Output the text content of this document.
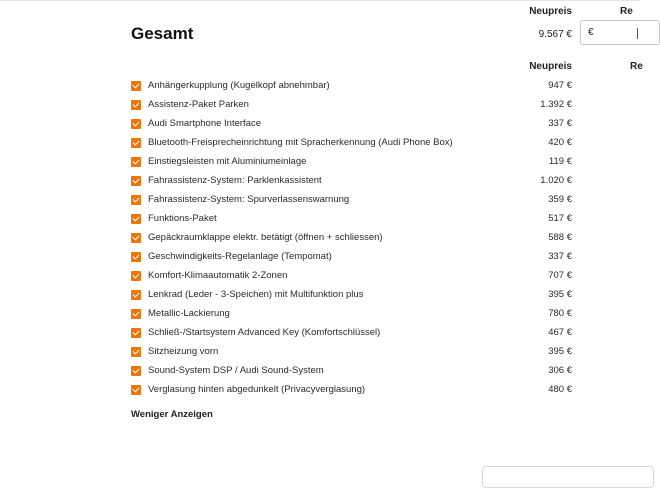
Neupreis	Re
Gesamt	9.567 € €
Neupreis	Re
Anhängerkupplung (Kugelkopf abnehmbar)	947 €
Assistenz-Paket Parken	1.392 €
Audi Smartphone Interface	337 €
Bluetooth-Freisprecheinrichtung mit Spracherkennung (Audi Phone Box)	420 €
Einstiegsleisten mit Aluminiumeinlage	119 €
Fahrassistenz-System: Parklenkassistent	1.020 €
Fahrassistenz-System: Spurverlassenswarnung	359 €
Funktions-Paket	517 €
Gepäckraumklappe elektr. betätigt (öffnen + schliessen)	588 €
Geschwindigkeits-Regelanlage (Tempomat)	337 €
Komfort-Klimaautomatik 2-Zonen	707 €
Lenkrad (Leder - 3-Speichen) mit Multifunktion plus	395 €
Metallic-Lackierung	780 €
Schließ-/Startsystem Advanced Key (Komfortschlüssel)	467 €
Sitzheizung vorn	395 €
Sound-System DSP / Audi Sound-System	306 €
Verglasung hinten abgedunkelt (Privacyverglasung)	480 €
Weniger Anzeigen
